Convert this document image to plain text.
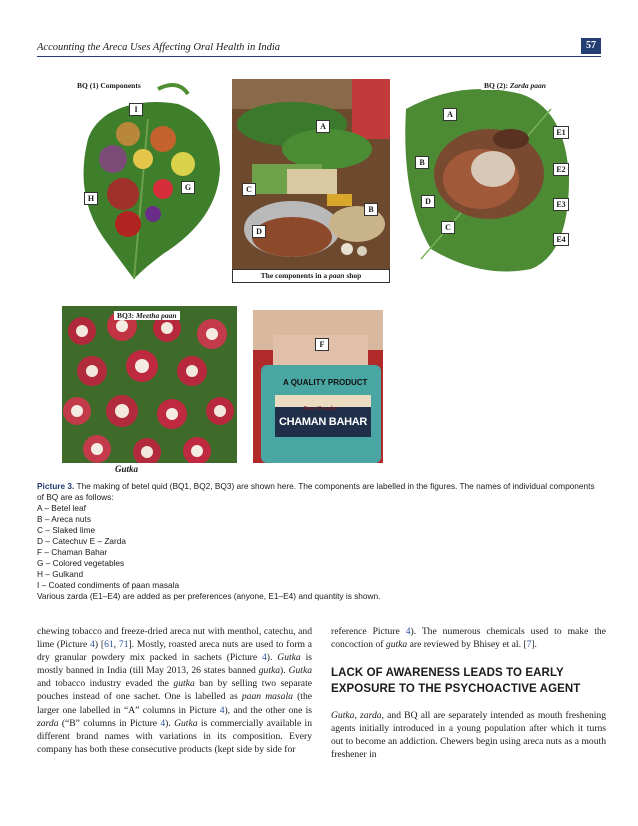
Accounting the Areca Uses Affecting Oral Health in India	57
BQ (1) Components
I
G
H
A
C
B
D
The components in a paan shop
BQ (2): Zarda paan
A
B
D
C
E1
E2
E3
E4
BQ3: Meetha paan
F
A QUALITY PRODUCT
Rose Powder
CHAMAN BAHAR
Gutka

Picture 3. The making of betel quid (BQ1, BQ2, BQ3) are shown here. The components are labelled in the figures. The names of individual components of BQ are as follows:

A – Betel leaf

B – Areca nuts

C – Slaked lime

D – Catechuv E – Zarda

F – Chaman Bahar

G – Colored vegetables

H – Gulkand

I – Coated condiments of paan masala

Various zarda (E1–E4) are added as per preferences (anyone, E1–E4) and quantity is shown.

chewing tobacco and freeze-dried areca nut with menthol, catechu, and lime (Picture 4) [61, 71]. Mostly, roasted areca nuts are used to form a dry granular powdery mix packed in sachets (Picture 4). Gutka is mostly banned in India (till May 2013, 26 states banned gutka). Gutka and tobacco industry evaded the gutka ban by selling two separate pouches instead of one sachet. One is labelled as paan masala (the larger one labelled in “A” columns in Picture 4), and the other one is zarda (“B” columns in Picture 4). Gutka is commercially available in different brand names with variations in its composition. Every company has both these consecutive products (kept side by side for
reference Picture 4). The numerous chemicals used to make the concoction of gutka are reviewed by Bhisey et al. [7].
LACK OF AWARENESS LEADS TO EARLY EXPOSURE TO THE PSYCHOACTIVE AGENT
Gutka, zarda, and BQ all are separately intended as mouth freshening agents initially introduced in a young population after which it turns out to become an addiction. Chewers begin using areca nuts as a mouth freshener in
